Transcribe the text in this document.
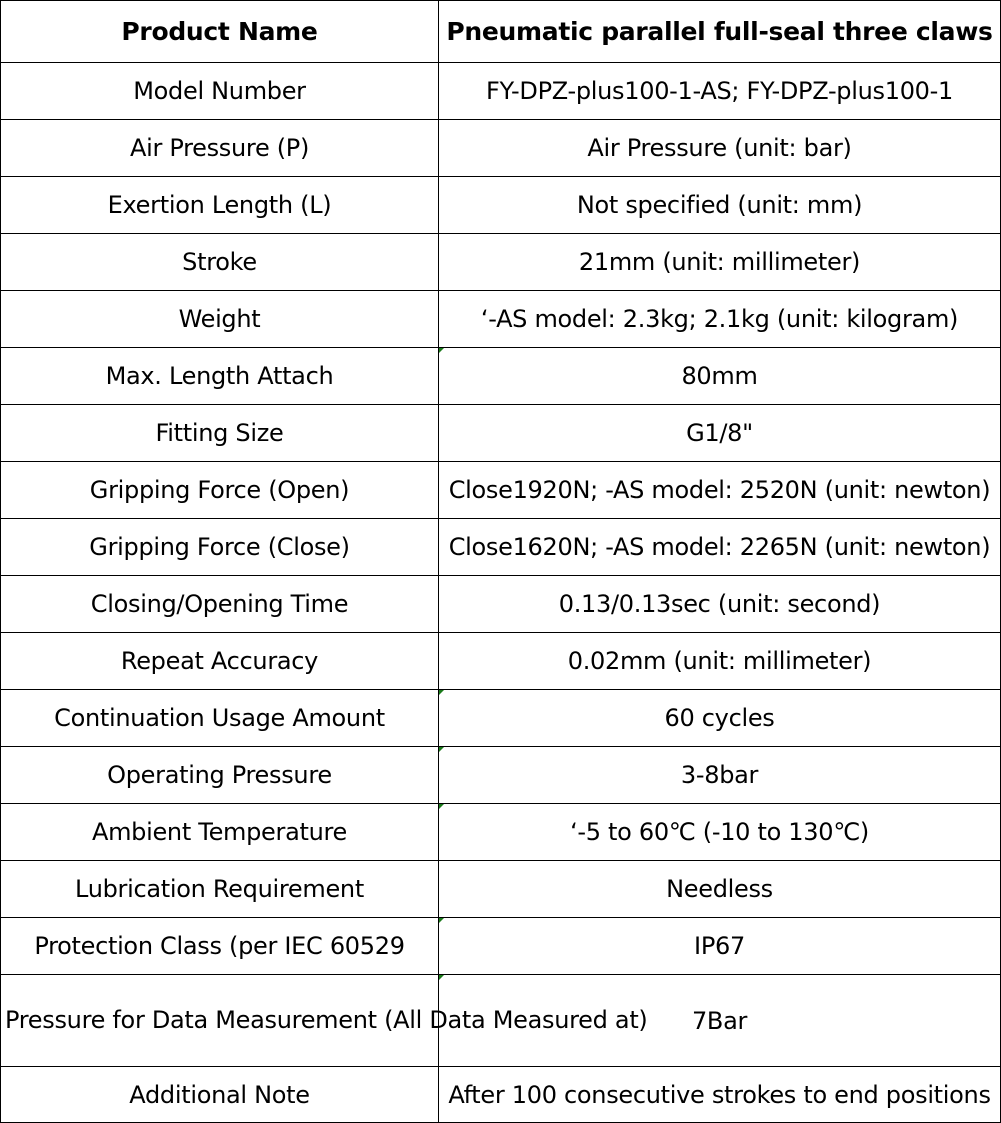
Product Name	Pneumatic parallel full-seal three claws
Model Number	FY-DPZ-plus100-1-AS; FY-DPZ-plus100-1
Air Pressure (P)	Air Pressure (unit: bar)
Exertion Length (L)	Not specified (unit: mm)
Stroke	21mm (unit: millimeter)
Weight	‘-AS model: 2.3kg; 2.1kg (unit: kilogram)
Max. Length Attach	80mm
Fitting Size	G1/8"
Gripping Force (Open)	Close1920N; -AS model: 2520N (unit: newton)
Gripping Force (Close)	Close1620N; -AS model: 2265N (unit: newton)
Closing/Opening Time	0.13/0.13sec (unit: second)
Repeat Accuracy	0.02mm (unit: millimeter)
Continuation Usage Amount	60 cycles
Operating Pressure	3-8bar
Ambient Temperature	‘-5 to 60℃ (-10 to 130℃)
Lubrication Requirement	Needless
Protection Class (per IEC 60529	IP67
Pressure for Data Measurement (All Data Measured at)	7Bar
Additional Note	After 100 consecutive strokes to end positions
